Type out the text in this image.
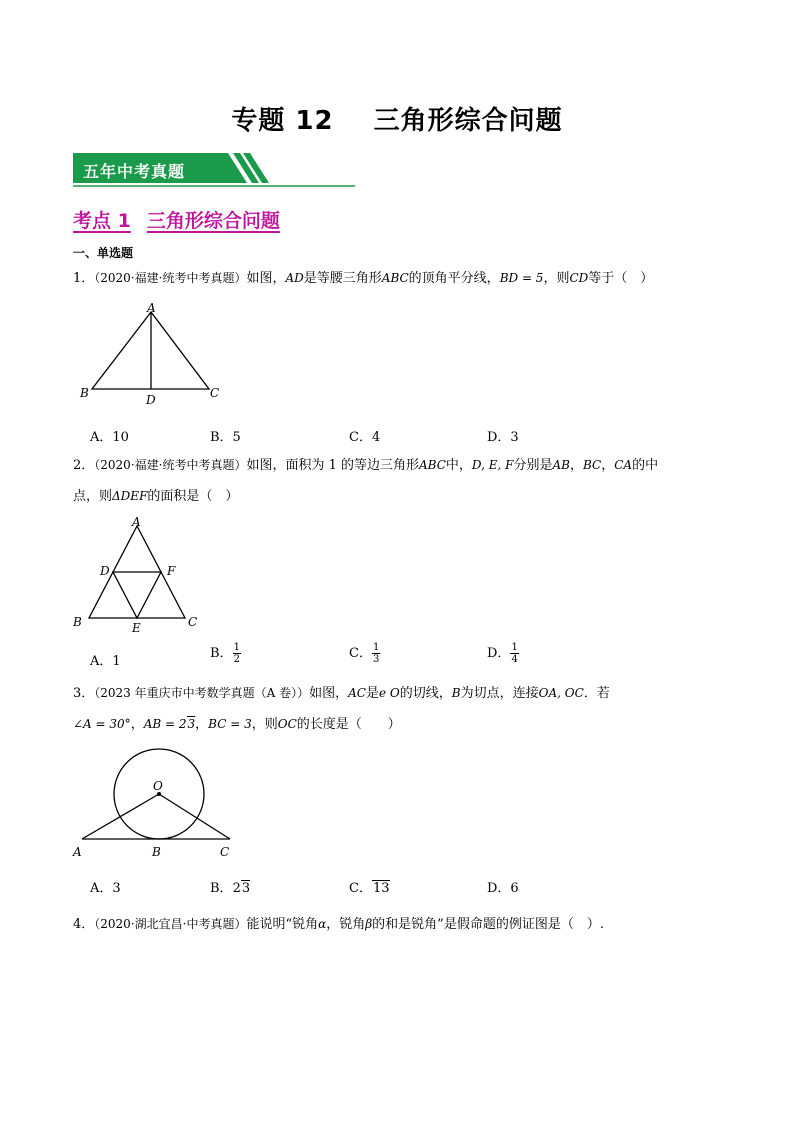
专题 12 三角形综合问题
五年中考真题
考点 1 三角形综合问题
一、单选题
1．（2020·福建·统考中考真题）如图，AD是等腰三角形ABC的顶角平分线，BD = 5，则CD等于（　）
A
B	C
D
A．10	B．5	C．4	D．3
2．（2020·福建·统考中考真题）如图，面积为 1 的等边三角形ABC中，D, E, F分别是AB，BC，CA的中
点，则ΔDEF的面积是（　）
A
D	F
B	E	C
A．1
B． $\frac{1}{2}$	C． $\frac{1}{3}$	D． $\frac{1}{4}$
3．（2023 年重庆市中考数学真题（A 卷））如图，AC是e O的切线，B为切点，连接OA, OC．若
∠A = 30°，AB = 23，BC = 3，则OC的长度是（　　）
O
A	B	C
A．3	B．23	C．13	D．6
4．（2020·湖北宜昌·中考真题）能说明“锐角α，锐角β的和是锐角”是假命题的例证图是（　）.
